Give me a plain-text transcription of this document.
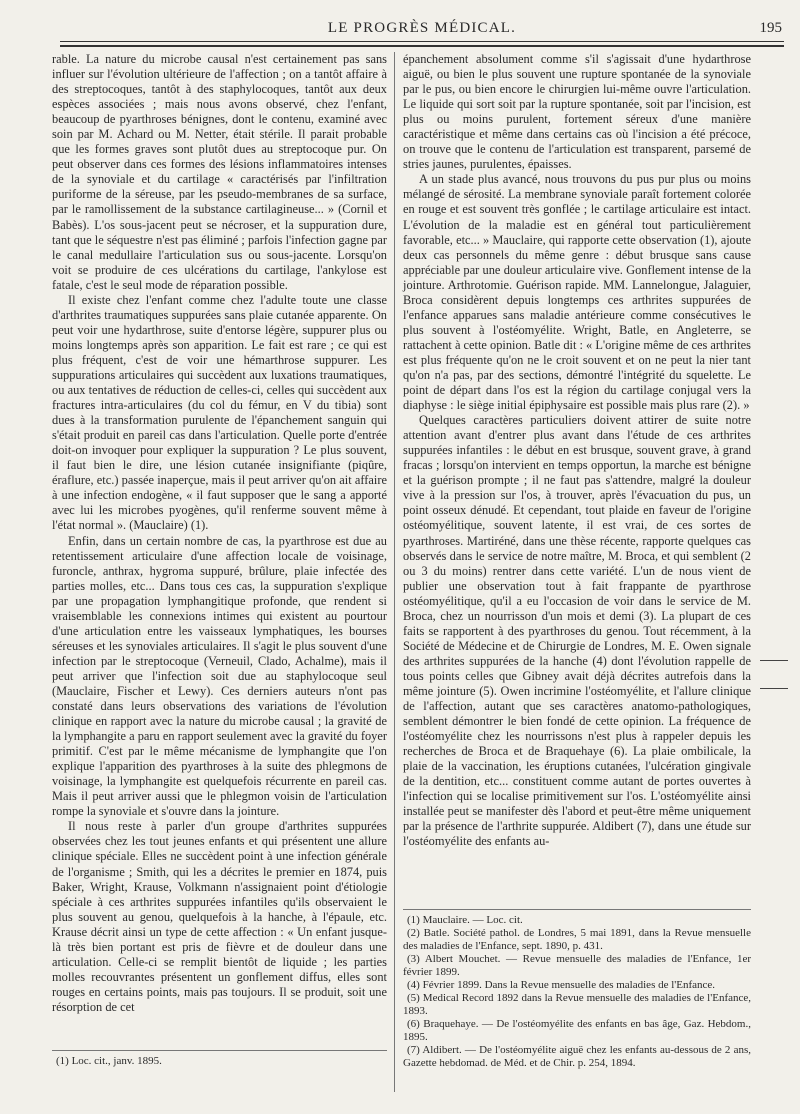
LE PROGRÈS MÉDICAL.	195

rable. La nature du microbe causal n'est certainement pas sans influer sur l'évolution ultérieure de l'affection ; on a tantôt affaire à des streptocoques, tantôt à des staphylocoques, tantôt aux deux espèces associées ; mais nous avons observé, chez l'enfant, beaucoup de pyarthroses bénignes, dont le contenu, examiné avec soin par M. Achard ou M. Netter, était stérile. Il parait probable que les formes graves sont plutôt dues au streptocoque pur. On peut observer dans ces formes des lésions inflammatoires intenses de la synoviale et du cartilage « caractérisés par l'infiltration puriforme de la séreuse, par les pseudo-membranes de sa surface, par le ramollissement de la substance cartilagineuse... » (Cornil et Babès). L'os sous-jacent peut se nécroser, et la suppuration dure, tant que le séquestre n'est pas éliminé ; parfois l'infection gagne par le canal medullaire l'articulation sus ou sous-jacente. Lorsqu'on voit se produire de ces ulcérations du cartilage, l'ankylose est fatale, c'est le seul mode de réparation possible.

Il existe chez l'enfant comme chez l'adulte toute une classe d'arthrites traumatiques suppurées sans plaie cutanée apparente. On peut voir une hydarthrose, suite d'entorse légère, suppurer plus ou moins longtemps après son apparition. Le fait est rare ; ce qui est plus fréquent, c'est de voir une hémarthrose suppurer. Les suppurations articulaires qui succèdent aux luxations traumatiques, ou aux tentatives de réduction de celles-ci, celles qui succèdent aux fractures intra-articulaires (du col du fémur, en V du tibia) sont dues à la transformation purulente de l'épanchement sanguin qui s'était produit en pareil cas dans l'articulation. Quelle porte d'entrée doit-on invoquer pour expliquer la suppuration ? Le plus souvent, il faut bien le dire, une lésion cutanée insignifiante (piqûre, éraflure, etc.) passée inaperçue, mais il peut arriver qu'on ait affaire à une infection endogène, « il faut supposer que le sang a apporté avec lui les microbes pyogènes, qu'il renferme souvent même à l'état normal ». (Mauclaire) (1).

Enfin, dans un certain nombre de cas, la pyarthrose est due au retentissement articulaire d'une affection locale de voisinage, furoncle, anthrax, hygroma suppuré, brûlure, plaie infectée des parties molles, etc... Dans tous ces cas, la suppuration s'explique par une propagation lymphangitique profonde, que rendent si vraisemblable les connexions intimes qui existent au pourtour d'une articulation entre les vaisseaux lymphatiques, les bourses séreuses et les synoviales articulaires. Il s'agit le plus souvent d'une infection par le streptocoque (Verneuil, Clado, Achalme), mais il peut arriver que l'infection soit due au staphylocoque seul (Mauclaire, Fischer et Lewy). Ces derniers auteurs n'ont pas constaté dans leurs observations des variations de l'évolution clinique en rapport avec la nature du microbe causal ; la gravité de la lymphangite a paru en rapport seulement avec la gravité du foyer primitif. C'est par le même mécanisme de lymphangite que l'on explique l'apparition des pyarthroses à la suite des phlegmons de voisinage, la lymphangite est quelquefois récurrente en pareil cas. Mais il peut arriver aussi que le phlegmon voisin de l'articulation rompe la synoviale et s'ouvre dans la jointure.

Il nous reste à parler d'un groupe d'arthrites suppurées observées chez les tout jeunes enfants et qui présentent une allure clinique spéciale. Elles ne succèdent point à une infection générale de l'organisme ; Smith, qui les a décrites le premier en 1874, puis Baker, Wright, Krause, Volkmann n'assignaient point d'étiologie spéciale à ces arthrites suppurées infantiles qu'ils observaient le plus souvent au genou, quelquefois à la hanche, à l'épaule, etc. Krause décrit ainsi un type de cette affection : « Un enfant jusque-là très bien portant est pris de fièvre et de douleur dans une articulation. Celle-ci se remplit bientôt de liquide ; les parties molles recouvrantes présentent un gonflement diffus, elles sont rouges en certains points, mais pas toujours. Il se produit, soit une résorption de cet

épanchement absolument comme s'il s'agissait d'une hydarthrose aiguë, ou bien le plus souvent une rupture spontanée de la synoviale par le pus, ou bien encore le chirurgien lui-même ouvre l'articulation. Le liquide qui sort soit par la rupture spontanée, soit par l'incision, est plus ou moins purulent, fortement séreux d'une manière caractéristique et même dans certains cas où l'incision a été précoce, on trouve que le contenu de l'articulation est transparent, parsemé de stries jaunes, purulentes, épaisses.

A un stade plus avancé, nous trouvons du pus pur plus ou moins mélangé de sérosité. La membrane synoviale paraît fortement colorée en rouge et est souvent très gonflée ; le cartilage articulaire est intact. L'évolution de la maladie est en général tout particulièrement favorable, etc... » Mauclaire, qui rapporte cette observation (1), ajoute deux cas personnels du même genre : début brusque sans cause appréciable par une douleur articulaire vive. Gonflement intense de la jointure. Arthrotomie. Guérison rapide. MM. Lannelongue, Jalaguier, Broca considèrent depuis longtemps ces arthrites suppurées de l'enfance apparues sans maladie antérieure comme consécutives le plus souvent à l'ostéomyélite. Wright, Batle, en Angleterre, se rattachent à cette opinion. Batle dit : « L'origine même de ces arthrites est plus fréquente qu'on ne le croit souvent et on ne peut la nier tant qu'on n'a pas, par des sections, démontré l'intégrité du squelette. Le point de départ dans l'os est la région du cartilage conjugal vers la diaphyse : le siège initial épiphysaire est possible mais plus rare (2). »

Quelques caractères particuliers doivent attirer de suite notre attention avant d'entrer plus avant dans l'étude de ces arthrites suppurées infantiles : le début en est brusque, souvent grave, à grand fracas ; lorsqu'on intervient en temps opportun, la marche est bénigne et la guérison prompte ; il ne faut pas s'attendre, malgré la douleur vive à la pression sur l'os, à trouver, après l'évacuation du pus, un point osseux dénudé. Et cependant, tout plaide en faveur de l'origine ostéomyélitique, souvent latente, il est vrai, de ces sortes de pyarthroses. Martiréné, dans une thèse récente, rapporte quelques cas observés dans le service de notre maître, M. Broca, et qui semblent (2 ou 3 du moins) rentrer dans cette variété. L'un de nous vient de publier une observation tout à fait frappante de pyarthrose ostéomyélitique, qu'il a eu l'occasion de voir dans le service de M. Broca, chez un nourrisson d'un mois et demi (3). La plupart de ces faits se rapportent à des pyarthroses du genou. Tout récemment, à la Société de Médecine et de Chirurgie de Londres, M. E. Owen signale des arthrites suppurées de la hanche (4) dont l'évolution rappelle de tous points celles que Gibney avait déjà décrites autrefois dans la même jointure (5). Owen incrimine l'ostéomyélite, et l'allure clinique de l'affection, autant que ses caractères anatomo-pathologiques, semblent démontrer le bien fondé de cette opinion. La fréquence de l'ostéomyélite chez les nourrissons n'est plus à rappeler depuis les recherches de Broca et de Braquehaye (6). La plaie ombilicale, la plaie de la vaccination, les éruptions cutanées, l'ulcération gingivale de la dentition, etc... constituent comme autant de portes ouvertes à l'infection qui se localise primitivement sur l'os. L'ostéomyélite ainsi installée peut se manifester dès l'abord et peut-être même uniquement par la présence de l'arthrite suppurée. Aldibert (7), dans une étude sur l'ostéomyélite des enfants au-

(1) Loc. cit., janv. 1895.

(1) Mauclaire. — Loc. cit.

(2) Batle. Société pathol. de Londres, 5 mai 1891, dans la Revue mensuelle des maladies de l'Enfance, sept. 1890, p. 431.

(3) Albert Mouchet. — Revue mensuelle des maladies de l'Enfance, 1er février 1899.

(4) Février 1899. Dans la Revue mensuelle des maladies de l'Enfance.

(5) Medical Record 1892 dans la Revue mensuelle des maladies de l'Enfance, 1893.

(6) Braquehaye. — De l'ostéomyélite des enfants en bas âge, Gaz. Hebdom., 1895.

(7) Aldibert. — De l'ostéomyélite aiguë chez les enfants au-dessous de 2 ans, Gazette hebdomad. de Méd. et de Chir. p. 254, 1894.
